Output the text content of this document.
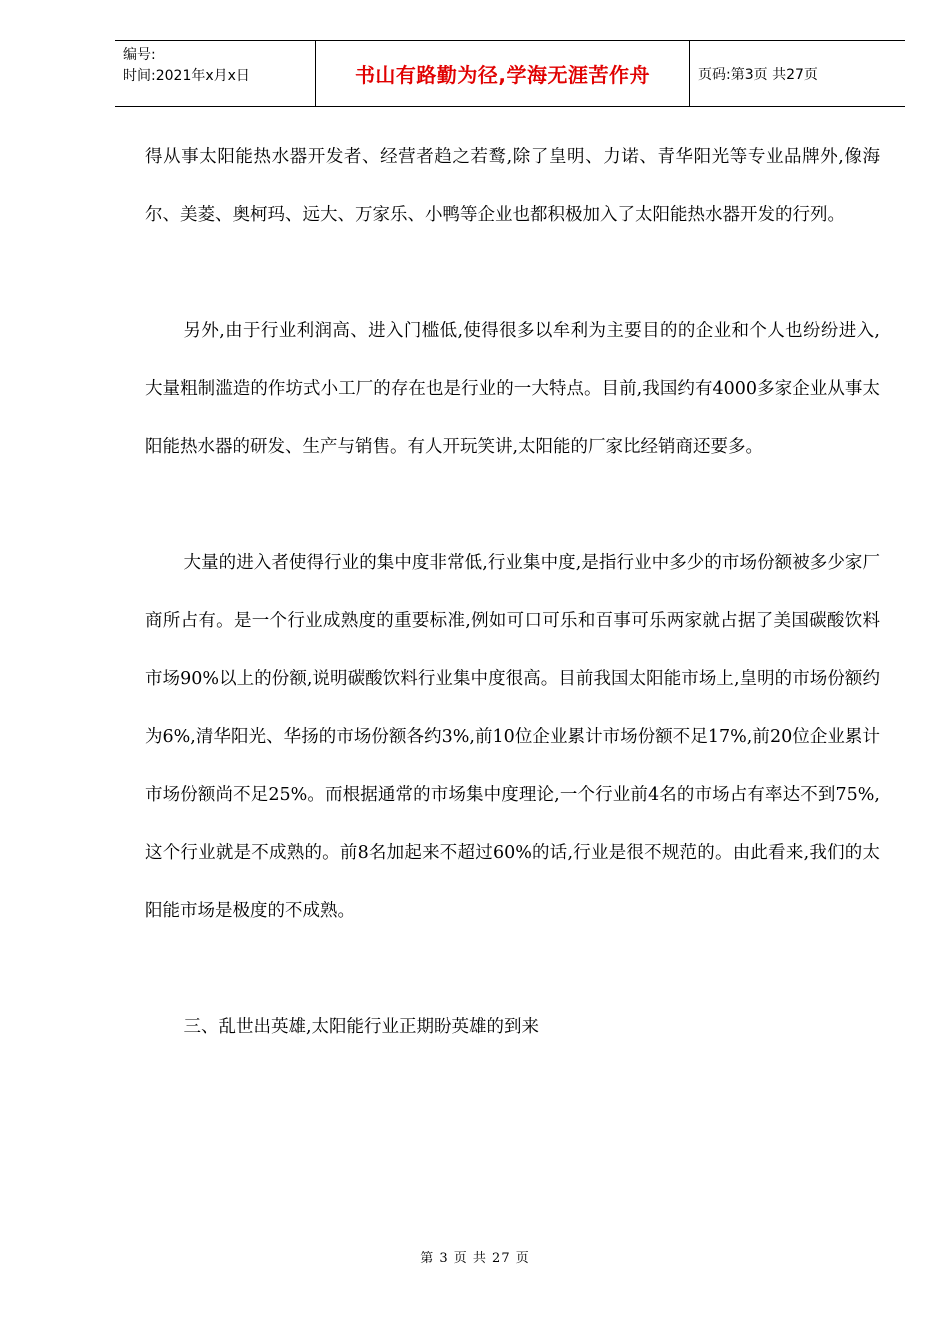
编号:
时间:2021年x月x日	书山有路勤为径,学海无涯苦作舟	页码:第3页 共27页

得从事太阳能热水器开发者、经营者趋之若鹜,除了皇明、力诺、青华阳光等专业品牌外,像海尔、美菱、奥柯玛、远大、万家乐、小鸭等企业也都积极加入了太阳能热水器开发的行列。

另外,由于行业利润高、进入门槛低,使得很多以牟利为主要目的的企业和个人也纷纷进入,大量粗制滥造的作坊式小工厂的存在也是行业的一大特点。目前,我国约有4000多家企业从事太阳能热水器的研发、生产与销售。有人开玩笑讲,太阳能的厂家比经销商还要多。

大量的进入者使得行业的集中度非常低,行业集中度,是指行业中多少的市场份额被多少家厂商所占有。是一个行业成熟度的重要标准,例如可口可乐和百事可乐两家就占据了美国碳酸饮料市场90%以上的份额,说明碳酸饮料行业集中度很高。目前我国太阳能市场上,皇明的市场份额约为6%,清华阳光、华扬的市场份额各约3%,前10位企业累计市场份额不足17%,前20位企业累计市场份额尚不足25%。而根据通常的市场集中度理论,一个行业前4名的市场占有率达不到75%,这个行业就是不成熟的。前8名加起来不超过60%的话,行业是很不规范的。由此看来,我们的太阳能市场是极度的不成熟。

三、乱世出英雄,太阳能行业正期盼英雄的到来

第 3 页 共 27 页
